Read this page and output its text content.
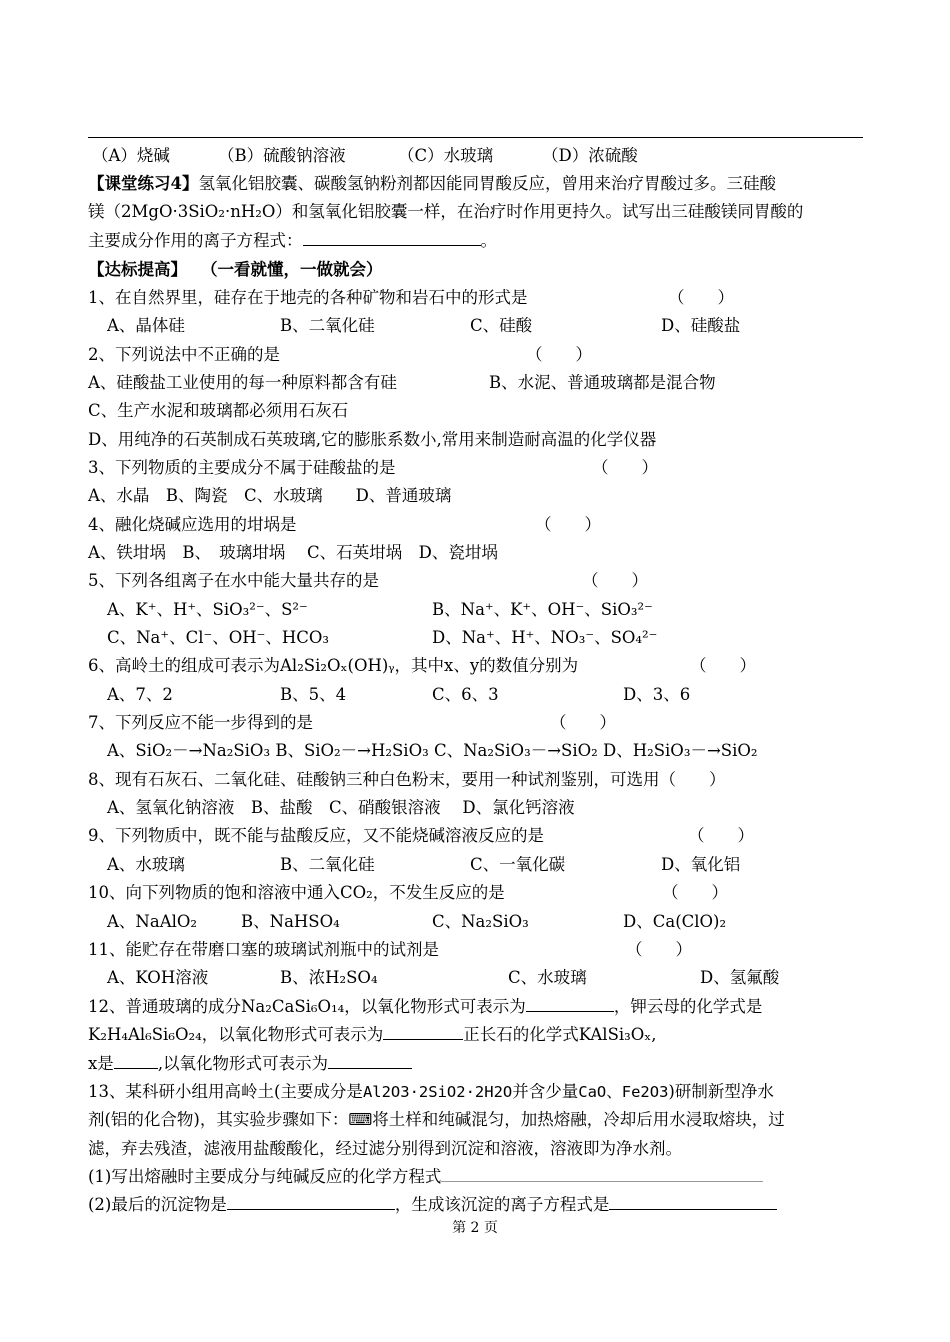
（A）烧碱	（B）硫酸钠溶液	（C）水玻璃	（D）浓硫酸
【课堂练习4】氢氧化铝胶囊、碳酸氢钠粉剂都因能同胃酸反应，曾用来治疗胃酸过多。三硅酸
镁（2MgO·3SiO₂·nH₂O）和氢氧化铝胶囊一样，在治疗时作用更持久。试写出三硅酸镁同胃酸的
主要成分作用的离子方程式：	。
【达标提高】　 （一看就懂，一做就会）
1、在自然界里，硅存在于地壳的各种矿物和岩石中的形式是	（　　）
A、晶体硅	B、二氧化硅	C、硅酸	D、硅酸盐
2、下列说法中不正确的是	（　　）
A、硅酸盐工业使用的每一种原料都含有硅	B、水泥、普通玻璃都是混合物
C、生产水泥和玻璃都必须用石灰石
D、用纯净的石英制成石英玻璃,它的膨胀系数小,常用来制造耐高温的化学仪器
3、下列物质的主要成分不属于硅酸盐的是	（　　）
A、水晶　B、陶瓷　C、水玻璃　　D、普通玻璃
4、融化烧碱应选用的坩埚是	（　　）
A、铁坩埚　B、　玻璃坩埚　 C、石英坩埚　D、瓷坩埚
5、下列各组离子在水中能大量共存的是	（　　）
A、K⁺、H⁺、SiO₃²⁻、S²⁻	B、Na⁺、K⁺、OH⁻、SiO₃²⁻
C、Na⁺、Cl⁻、OH⁻、HCO₃	D、Na⁺、H⁺、NO₃⁻、SO₄²⁻
6、高岭土的组成可表示为Al₂Si₂Oₓ(OH)ᵧ，其中x、y的数值分别为	（　　）
A、7、2	B、5、4	C、6、3	D、3、6
7、下列反应不能一步得到的是	（　　）
A、SiO₂－→Na₂SiO₃ B、SiO₂－→H₂SiO₃ C、Na₂SiO₃－→SiO₂ D、H₂SiO₃－→SiO₂
8、现有石灰石、二氧化硅、硅酸钠三种白色粉末，要用一种试剂鉴别，可选用（　　）
A、氢氧化钠溶液　B、盐酸　C、硝酸银溶液　 D、氯化钙溶液
9、下列物质中，既不能与盐酸反应，又不能烧碱溶液反应的是	（　　）
A、水玻璃	B、二氧化硅	C、一氧化碳	D、氧化铝
10、向下列物质的饱和溶液中通入CO₂，不发生反应的是	（　　）
A、NaAlO₂	B、NaHSO₄	C、Na₂SiO₃	D、Ca(ClO)₂
11、能贮存在带磨口塞的玻璃试剂瓶中的试剂是	（　　）
A、KOH溶液	B、浓H₂SO₄	C、水玻璃	D、氢氟酸
12、普通玻璃的成分Na₂CaSi₆O₁₄，以氧化物形式可表示为	，钾云母的化学式是
K₂H₄Al₆Si₆O₂₄，以氧化物形式可表示为	正长石的化学式KAlSi₃Oₓ,
x是	,以氧化物形式可表示为
13、某科研小组用高岭土(主要成分是Al2O3·2SiO2·2H2O并含少量CaO、Fe2O3)研制新型净水
剂(铝的化合物)，其实验步骤如下：⌨将土样和纯碱混匀，加热熔融，冷却后用水浸取熔块，过
滤，弃去残渣，滤液用盐酸酸化，经过滤分别得到沉淀和溶液，溶液即为净水剂。
(1)写出熔融时主要成分与纯碱反应的化学方程式
(2)最后的沉淀物是	，生成该沉淀的离子方程式是
第 2 页
